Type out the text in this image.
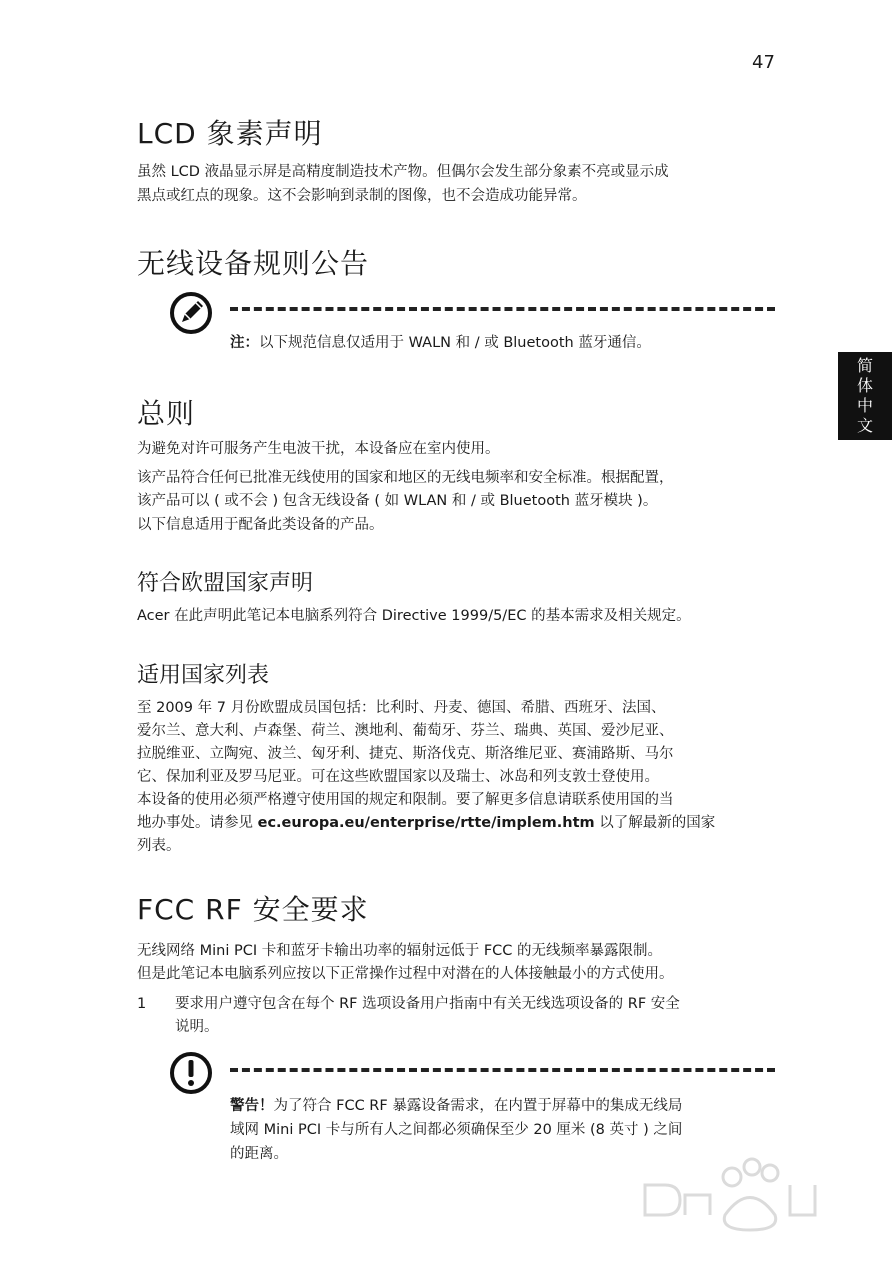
47
简体中文
LCD 象素声明

虽然 LCD 液晶显示屏是高精度制造技术产物。但偶尔会发生部分象素不亮或显示成

黑点或红点的现象。这不会影响到录制的图像，也不会造成功能异常。

无线设备规则公告

注：以下规范信息仅适用于 WALN 和 / 或 Bluetooth 蓝牙通信。

总则

为避免对许可服务产生电波干扰，本设备应在室内使用。

该产品符合任何已批准无线使用的国家和地区的无线电频率和安全标准。根据配置，

该产品可以 ( 或不会 ) 包含无线设备 ( 如 WLAN 和 / 或 Bluetooth 蓝牙模块 )。

以下信息适用于配备此类设备的产品。

符合欧盟国家声明

Acer 在此声明此笔记本电脑系列符合 Directive 1999/5/EC 的基本需求及相关规定。

适用国家列表

至 2009 年 7 月份欧盟成员国包括：比利时、丹麦、德国、希腊、西班牙、法国、

爱尔兰、意大利、卢森堡、荷兰、澳地利、葡萄牙、芬兰、瑞典、英国、爱沙尼亚、

拉脱维亚、立陶宛、波兰、匈牙利、捷克、斯洛伐克、斯洛维尼亚、赛浦路斯、马尔

它、保加利亚及罗马尼亚。可在这些欧盟国家以及瑞士、冰岛和列支敦士登使用。

本设备的使用必须严格遵守使用国的规定和限制。要了解更多信息请联系使用国的当

地办事处。请参见 ec.europa.eu/enterprise/rtte/implem.htm 以了解最新的国家

列表。

FCC RF 安全要求

无线网络 Mini PCI 卡和蓝牙卡输出功率的辐射远低于 FCC 的无线频率暴露限制。

但是此笔记本电脑系列应按以下正常操作过程中对潜在的人体接触最小的方式使用。

1 要求用户遵守包含在每个 RF 选项设备用户指南中有关无线选项设备的 RF 安全

说明。

警告！为了符合 FCC RF 暴露设备需求，在内置于屏幕中的集成无线局

域网 Mini PCI 卡与所有人之间都必须确保至少 20 厘米 (8 英寸 ) 之间

的距离。
